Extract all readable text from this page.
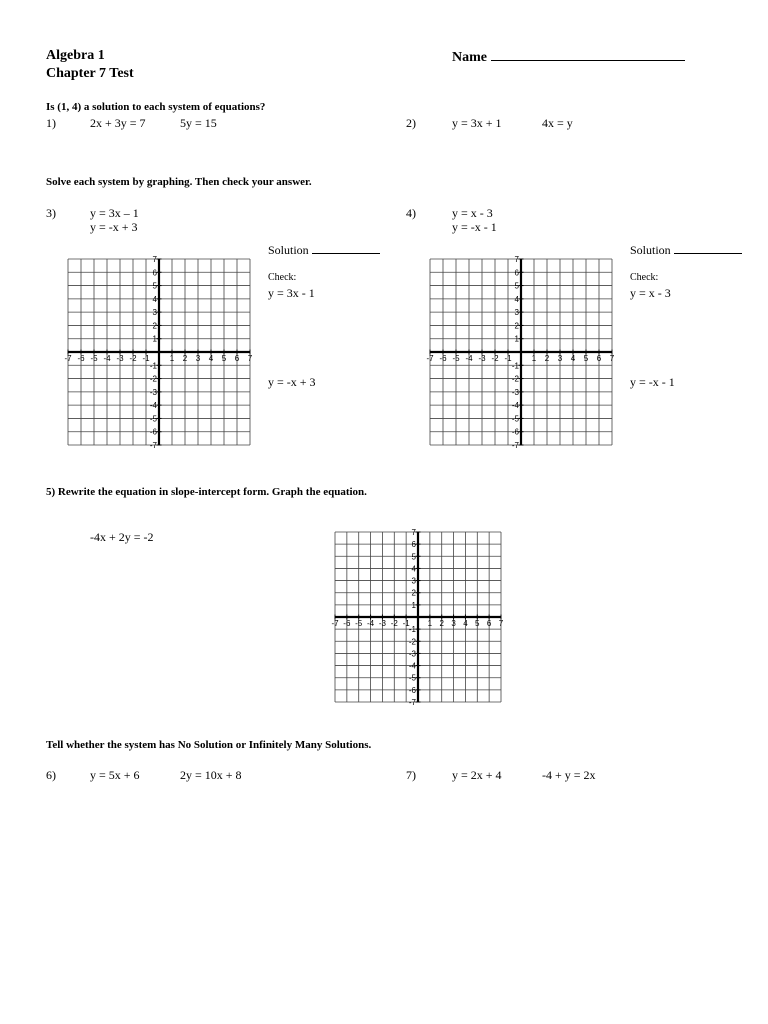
Algebra 1
Chapter 7 Test
Name
Is (1, 4) a solution to each system of equations?
1)	2x + 3y = 7	5y = 15	2)	y = 3x + 1	4x = y
Solve each system by graphing. Then check your answer.
3)	y = 3x – 1
y = -x + 3
Solution
Check:
y = 3x - 1
y = -x + 3
4)	y = x - 3
y = -x - 1
Solution
Check:
y = x - 3
y = -x - 1
-7 -6 -5 -4 -3 -2 -1	1 2 3 4 5 6 7
7
6
5
4
3
2
1
-1
-2
-3
-4
-5
-6
-7
-7 -6 -5 -4 -3 -2 -1	1 2 3 4 5 6 7
7
6
5
4
3
2
1
-1
-2
-3
-4
-5
-6
-7
5) Rewrite the equation in slope-intercept form. Graph the equation.
-4x + 2y = -2
-7 -6 -5 -4 -3 -2 -1 1 2 3 4 5 6 7
7
6
5
4
3
2
1
-1
-2
-3
-4
-5
-6
-7
Tell whether the system has No Solution or Infinitely Many Solutions.
6)	y = 5x + 6	2y = 10x + 8	7)	y = 2x + 4	-4 + y = 2x
